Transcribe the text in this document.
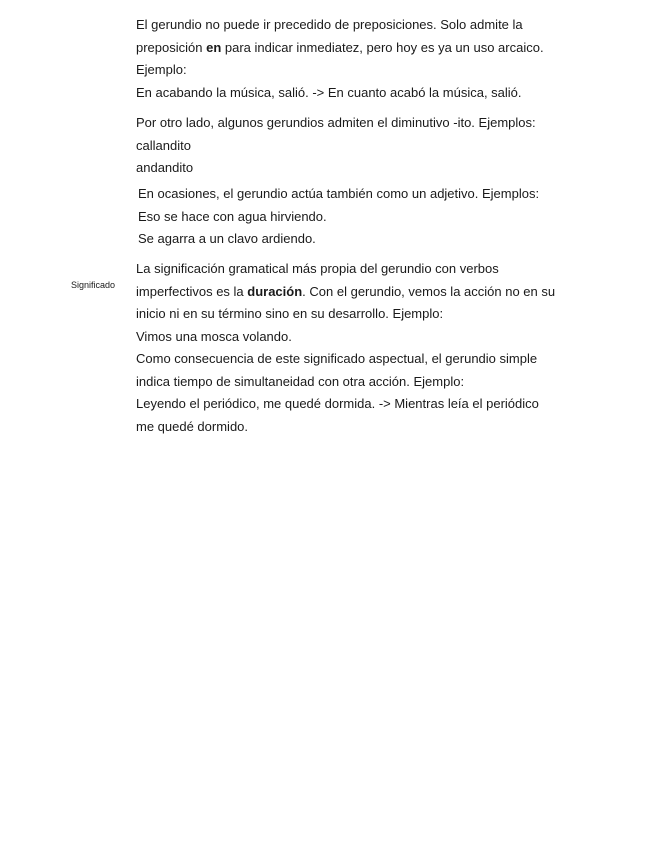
El gerundio no puede ir precedido de preposiciones. Solo admite la

preposición en para indicar inmediatez, pero hoy es ya un uso arcaico.

Ejemplo:

En acabando la música, salió. -> En cuanto acabó la música, salió.

Por otro lado, algunos gerundios admiten el diminutivo -ito. Ejemplos:

callandito

andandito

En ocasiones, el gerundio actúa también como un adjetivo. Ejemplos:

Eso se hace con agua hirviendo.

Se agarra a un clavo ardiendo.

Significado

La significación gramatical más propia del gerundio con verbos

imperfectivos es la duración. Con el gerundio, vemos la acción no en su

inicio ni en su término sino en su desarrollo. Ejemplo:

Vimos una mosca volando.

Como consecuencia de este significado aspectual, el gerundio simple

indica tiempo de simultaneidad con otra acción. Ejemplo:

Leyendo el periódico, me quedé dormida. -> Mientras leía el periódico

me quedé dormido.
